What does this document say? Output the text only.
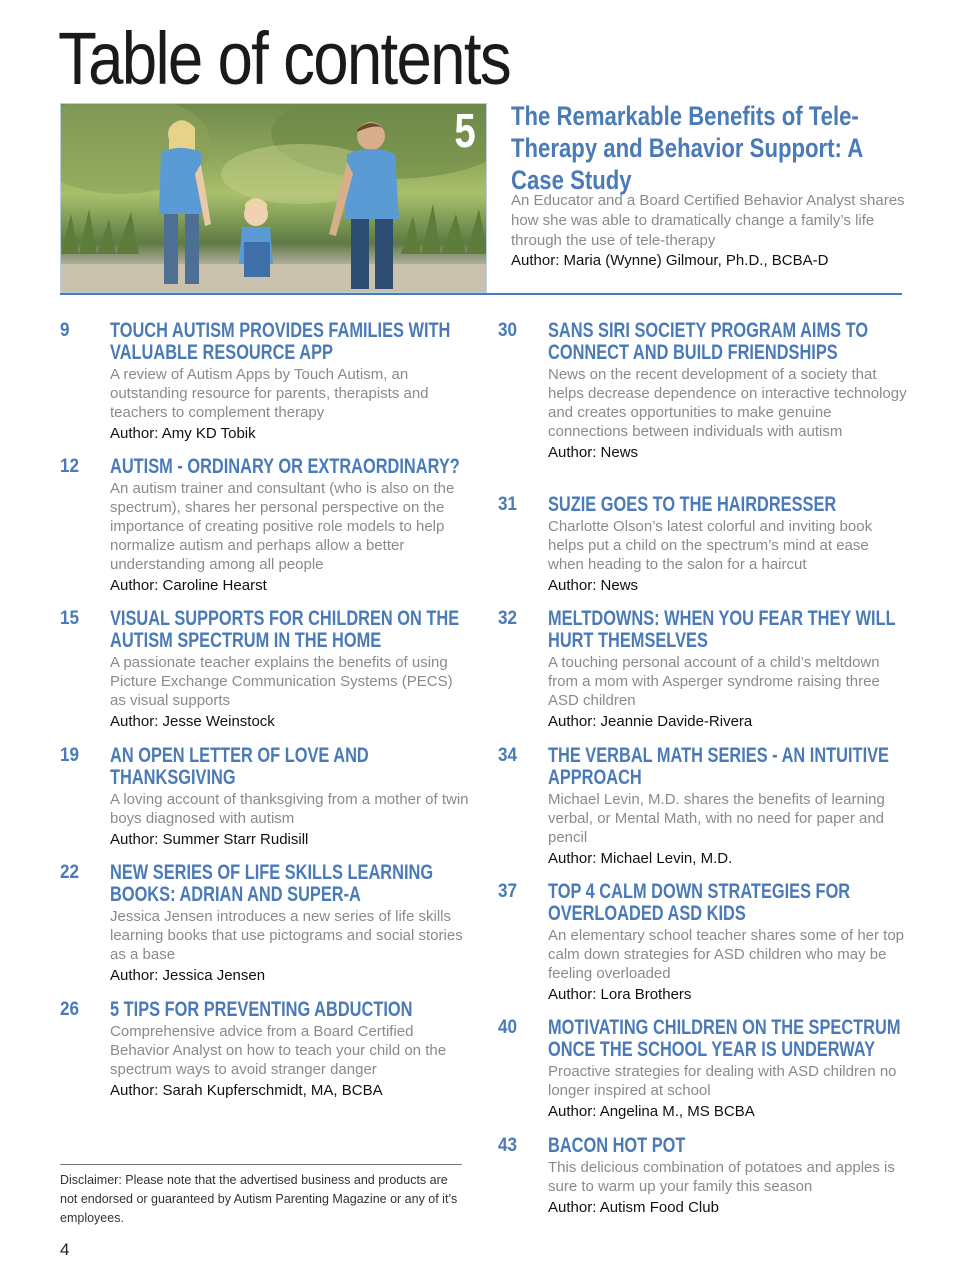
Table of contents
5 The Remarkable Benefits of Tele-Therapy and Behavior Support: A Case Study
An Educator and a Board Certified Behavior Analyst shares how she was able to dramatically change a family’s life through the use of tele-therapy
Author: Maria (Wynne) Gilmour, Ph.D., BCBA-D
9	TOUCH AUTISM PROVIDES FAMILIES WITH VALUABLE RESOURCE APP
A review of Autism Apps by Touch Autism, an outstanding resource for parents, therapists and teachers to complement therapy
Author: Amy KD Tobik
12	AUTISM - ORDINARY OR EXTRAORDINARY?
An autism trainer and consultant (who is also on the spectrum), shares her personal perspective on the importance of creating positive role models to help normalize autism and perhaps allow a better understanding among all people
Author: Caroline Hearst
15	VISUAL SUPPORTS FOR CHILDREN ON THE AUTISM SPECTRUM IN THE HOME
A passionate teacher explains the benefits of using Picture Exchange Communication Systems (PECS) as visual supports
Author: Jesse Weinstock
19	AN OPEN LETTER OF LOVE AND THANKSGIVING
A loving account of thanksgiving from a mother of twin boys diagnosed with autism
Author: Summer Starr Rudisill
22	NEW SERIES OF LIFE SKILLS LEARNING BOOKS: ADRIAN AND SUPER-A
Jessica Jensen introduces a new series of life skills learning books that use pictograms and social stories as a base
Author: Jessica Jensen
26	5 TIPS FOR PREVENTING ABDUCTION
Comprehensive advice from a Board Certified Behavior Analyst on how to teach your child on the spectrum ways to avoid stranger danger
Author: Sarah Kupferschmidt, MA, BCBA
30	SANS SIRI SOCIETY PROGRAM AIMS TO CONNECT AND BUILD FRIENDSHIPS
News on the recent development of a society that helps decrease dependence on interactive technology and creates opportunities to make genuine connections between individuals with autism
Author: News
31	SUZIE GOES TO THE HAIRDRESSER
Charlotte Olson’s latest colorful and inviting book helps put a child on the spectrum’s mind at ease when heading to the salon for a haircut
Author: News
32	MELTDOWNS: WHEN YOU FEAR THEY WILL HURT THEMSELVES
A touching personal account of a child’s meltdown from a mom with Asperger syndrome raising three ASD children
Author: Jeannie Davide-Rivera
34	THE VERBAL MATH SERIES - AN INTUITIVE APPROACH
Michael Levin, M.D. shares the benefits of learning verbal, or Mental Math, with no need for paper and pencil
Author: Michael Levin, M.D.
37	TOP 4 CALM DOWN STRATEGIES FOR OVERLOADED ASD KIDS
An elementary school teacher shares some of her top calm down strategies for ASD children who may be feeling overloaded
Author: Lora Brothers
40	MOTIVATING CHILDREN ON THE SPECTRUM ONCE THE SCHOOL YEAR IS UNDERWAY
Proactive strategies for dealing with ASD children no longer inspired at school
Author: Angelina M., MS BCBA
43	BACON HOT POT
This delicious combination of potatoes and apples is sure to warm up your family this season
Author: Autism Food Club
Disclaimer: Please note that the advertised business and products are not endorsed or guaranteed by Autism Parenting Magazine or any of it’s employees.
4
